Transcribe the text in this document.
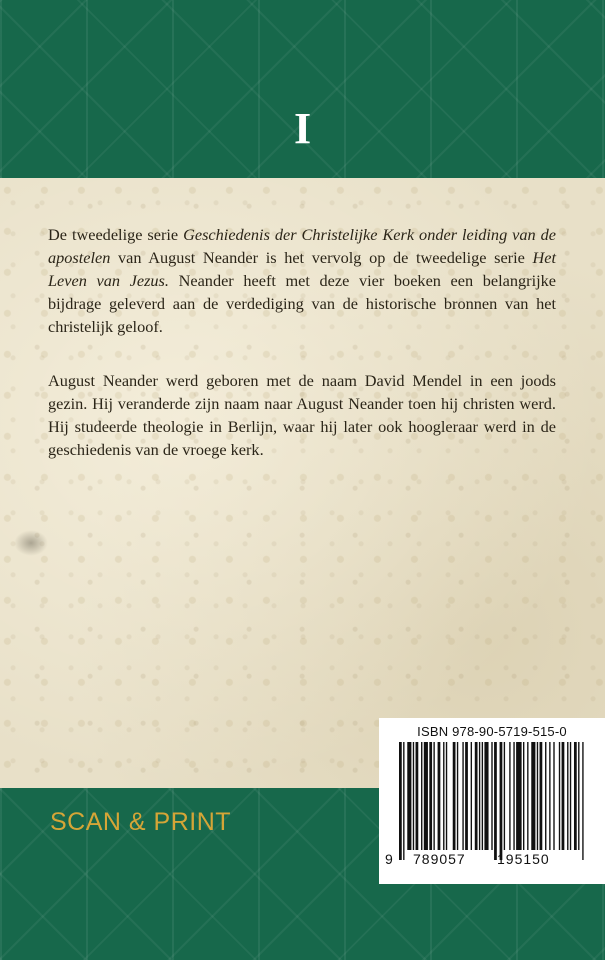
I

De tweedelige serie Geschiedenis der Christelijke Kerk onder leiding van de apostelen van August Neander is het vervolg op de tweedelige serie Het Leven van Jezus. Neander heeft met deze vier boeken een belangrijke bijdrage geleverd aan de verdediging van de historische bronnen van het christelijk geloof.

August Neander werd geboren met de naam David Mendel in een joods gezin. Hij veranderde zijn naam naar August Neander toen hij christen werd. Hij studeerde theologie in Berlijn, waar hij later ook hoogleraar werd in de geschiedenis van de vroege kerk.

SCAN & PRINT
ISBN 978-90-5719-515-0
9 789057 195150
